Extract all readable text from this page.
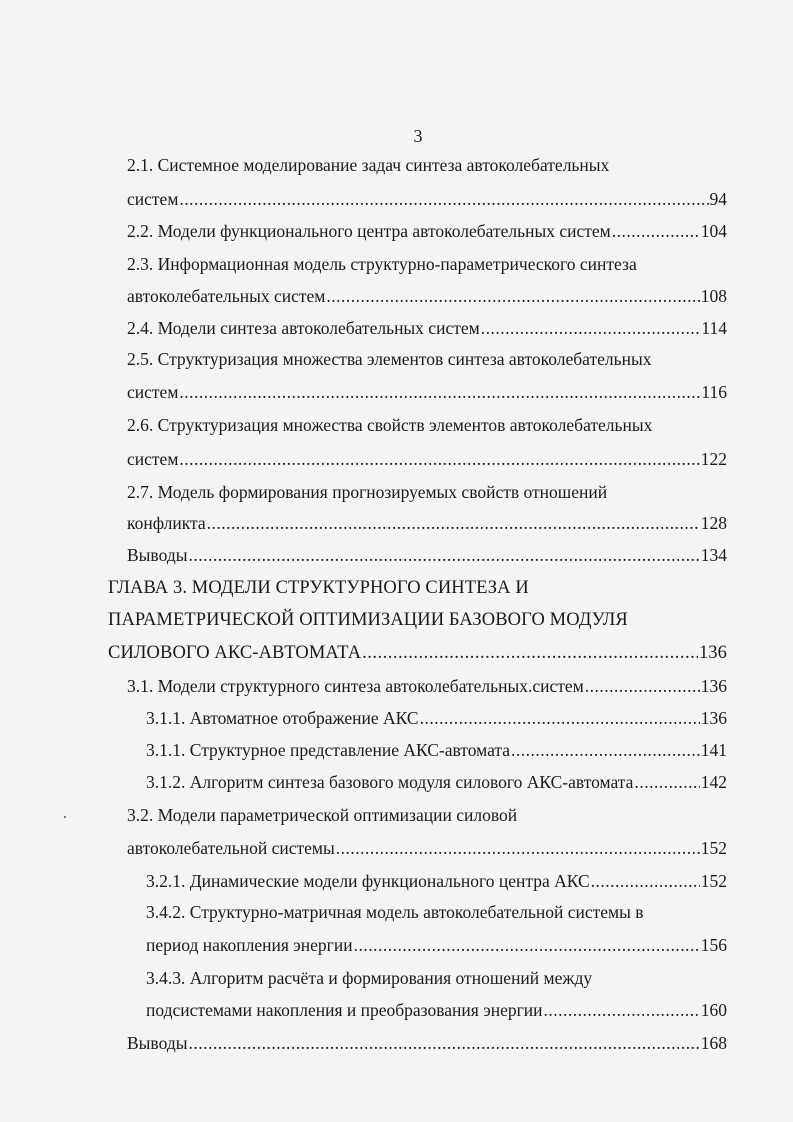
3
2.1. Системное моделирование задач синтеза автоколебательных
систем .....	94
2.2. Модели функционального центра автоколебательных систем .....	104
2.3. Информационная модель структурно-параметрического синтеза
автоколебательных систем .....	108
2.4. Модели синтеза автоколебательных систем .....	114
2.5. Структуризация множества элементов синтеза автоколебательных
систем .....	116
2.6. Структуризация множества свойств элементов автоколебательных
систем .....	122
2.7. Модель формирования прогнозируемых свойств отношений
конфликта .....	128
Выводы .....	134
ГЛАВА 3. МОДЕЛИ СТРУКТУРНОГО СИНТЕЗА И
ПАРАМЕТРИЧЕСКОЙ ОПТИМИЗАЦИИ БАЗОВОГО МОДУЛЯ
СИЛОВОГО АКС-АВТОМАТА .....	136
3.1. Модели структурного синтеза автоколебательных.систем .....	136
3.1.1. Автоматное отображение АКС .....	136
3.1.1. Структурное представление АКС-автомата .....	141
3.1.2. Алгоритм синтеза базового модуля силового АКС-автомата .....	142
3.2. Модели параметрической оптимизации силовой
автоколебательной системы .....	152
3.2.1. Динамические модели функционального центра АКС .....	152
3.4.2. Структурно-матричная модель автоколебательной системы в
период накопления энергии .....	156
3.4.3. Алгоритм расчёта и формирования отношений между
подсистемами накопления и преобразования энергии .....	160
Выводы .....	168
